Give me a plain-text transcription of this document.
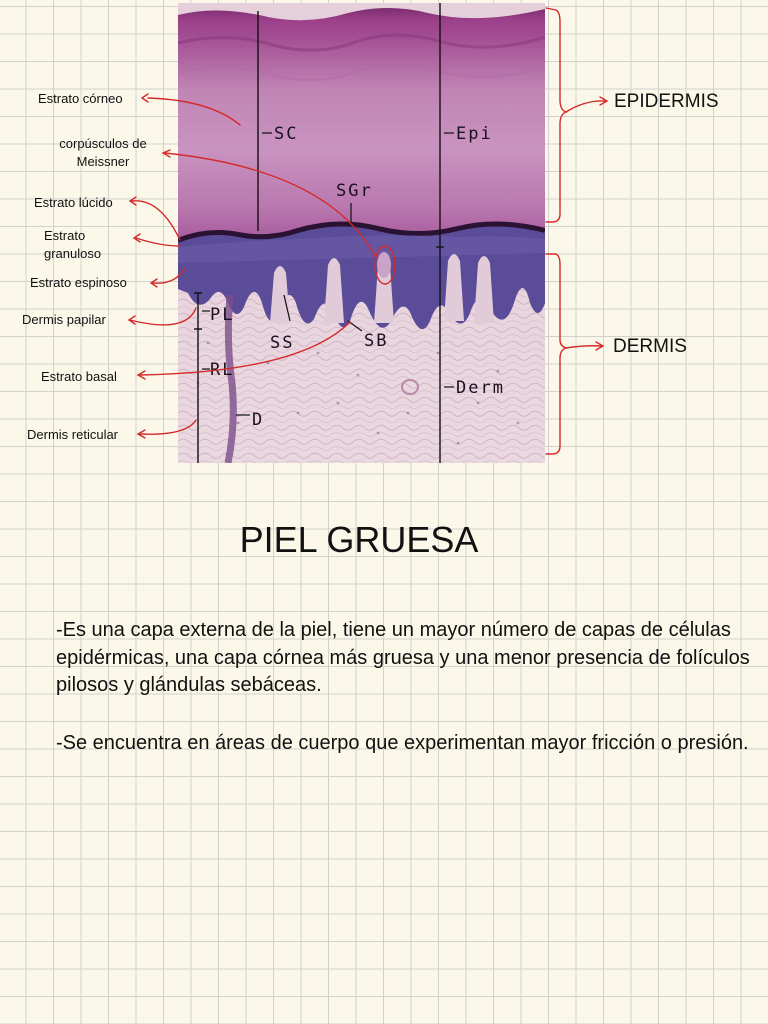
Estrato córneo
corpúsculos de
Meissner
Estrato lúcido
Estrato
granuloso
Estrato espinoso
Dermis papilar
Estrato basal
Dermis reticular
SC	Epi
SGr
SS	SB
PL
RL
D
Derm
EPIDERMIS
DERMIS
PIEL GRUESA

-Es una capa externa de la piel, tiene un mayor número de capas de células epidérmicas, una capa córnea más gruesa y una menor presencia de folículos pilosos y glándulas sebáceas.

-Se encuentra en áreas de cuerpo que experimentan mayor fricción o presión.
